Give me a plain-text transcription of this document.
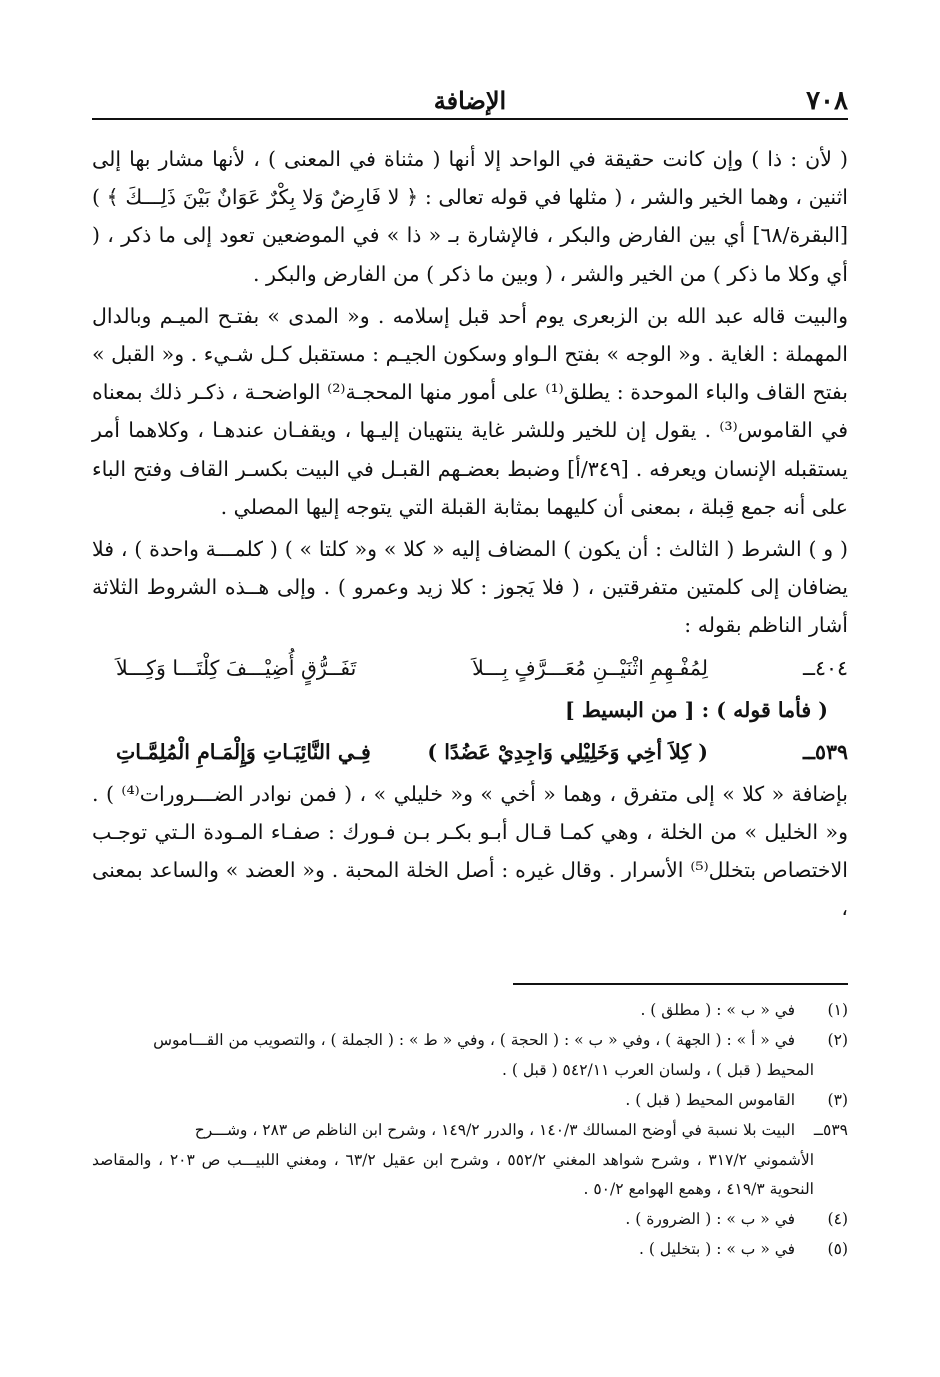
٧٠٨
الإضافة

( لأن : ذا ) وإن كانت حقيقة في الواحد إلا أنها ( مثناة في المعنى ) ، لأنها مشار بها إلى اثنين ، وهما الخير والشر ، ( مثلها في قوله تعالى : ﴿ لا فَارِضٌ وَلا بِكْرٌ عَوَانٌ بَيْنَ ذَلِـــكَ ﴾ ) [البقرة/٦٨] أي بين الفارض والبكر ، فالإشارة بـ « ذا » في الموضعين تعود إلى ما ذكر ، ( أي وكلا ما ذكر ) من الخير والشر ، ( وبين ما ذكر ) من الفارض والبكر .

والبيت قاله عبد الله بن الزبعرى يوم أحد قبل إسلامه . و« المدى » بفتـح الميـم وبالدال المهملة : الغاية . و« الوجه » بفتح الـواو وسكون الجيـم : مستقبل كـل شـيء . و« القبل » بفتح القاف والباء الموحدة : يطلق⁽¹⁾ على أمور منها المحجـة⁽²⁾ الواضحـة ، ذكـر ذلك بمعناه في القاموس⁽³⁾ . يقول إن للخير وللشر غاية ينتهيان إليـها ، ويقفـان عندهـا ، وكلاهما أمر يستقبله الإنسان ويعرفه . [٣٤٩/أ] وضبط بعضـهم القبـل في البيت بكسـر القاف وفتح الباء على أنه جمع قِبلة ، بمعنى أن كليهما بمثابة القبلة التي يتوجه إليها المصلي .

( و ) الشرط ( الثالث : أن يكون ) المضاف إليه « كلا » و« كلتا » ) ( كلمـــة واحدة ) ، فلا يضافان إلى كلمتين متفرقتين ، ( فلا يَجوز : كلا زيد وعمرو ) . وإلى هــذه الشروط الثلاثة أشار الناظم بقوله :

٤٠٤ــ
لِمُفْـهِمِ اثْنَيْــنِ مُعَـــرَّفٍ بِـــلاَ
تَفَــرُّقٍ أُضِيْـــفَ كِلْتَـــا وَكِـــلاَ

( فأما قوله ) : [ من البسيط ]

٥٣٩ــ
( كِلاَ أخِي وَخَلِيْلِي وَاجِدِيْ عَضُدًا )
فِـي النَّائِبَـاتِ وَإِلْمَـامِ الْمُلِمَّـاتِ

بإضافة « كلا » إلى متفرق ، وهما « أخي » و« خليلي » ، ( فمن نوادر الضـــرورات⁽⁴⁾ ) . و« الخليل » من الخلة ، وهي كمـا قـال أبـو بكـر بـن فـورك : صفـاء المـودة الـتي توجـب الاختصاص بتخلل⁽⁵⁾ الأسرار . وقال غيره : أصل الخلة المحبة . و« العضد » والساعد بمعنى ،

(١) في « ب » : ( مطلق ) .

(٢) في « أ » : ( الجهة ) ، وفي « ب » : ( الحجة ) ، وفي « ط » : ( الجملة ) ، والتصويب من القـــاموس

المحيط ( قبل ) ، ولسان العرب ٥٤٢/١١ ( قبل ) .

(٣) القاموس المحيط ( قبل ) .

٥٣٩ــ البيت بلا نسبة في أوضح المسالك ١٤٠/٣ ، والدرر ١٤٩/٢ ، وشرح ابن الناظم ص ٢٨٣ ، وشـــرح

الأشموني ٣١٧/٢ ، وشرح شواهد المغني ٥٥٢/٢ ، وشرح ابن عقيل ٦٣/٢ ، ومغني اللبيـــب ص ٢٠٣ ، والمقاصد النحوية ٤١٩/٣ ، وهمع الهوامع ٥٠/٢ .

(٤) في « ب » : ( الضرورة ) .

(٥) في « ب » : ( بتخليل ) .
